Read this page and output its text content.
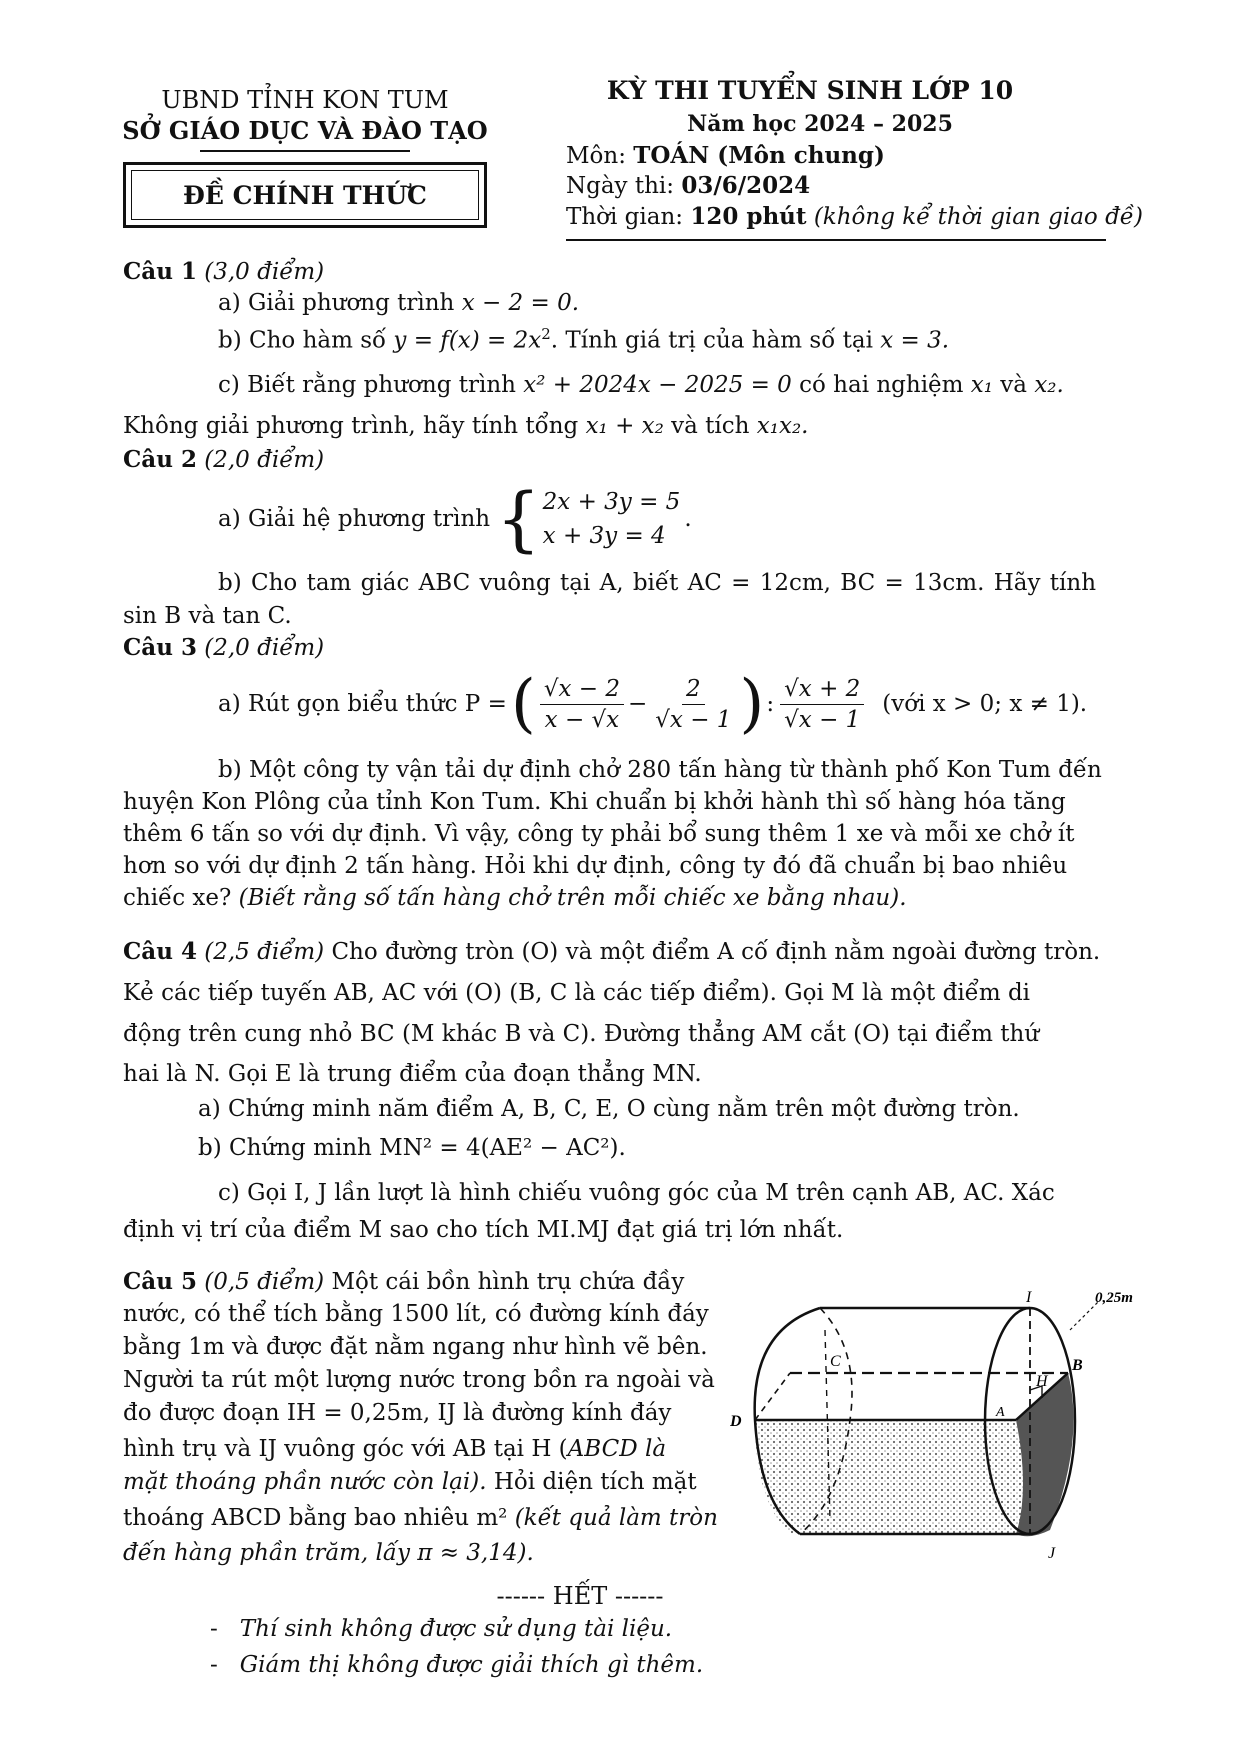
UBND TỈNH KON TUM
SỞ GIÁO DỤC VÀ ĐÀO TẠO
ĐỀ CHÍNH THỨC
KỲ THI TUYỂN SINH LỚP 10
Năm học 2024 – 2025
Môn: TOÁN (Môn chung)
Ngày thi: 03/6/2024
Thời gian: 120 phút (không kể thời gian giao đề)
Câu 1 (3,0 điểm)
a) Giải phương trình x − 2 = 0.
b) Cho hàm số $y = f(x) = 2x^2$. Tính giá trị của hàm số tại x = 3.
c) Biết rằng phương trình x² + 2024x − 2025 = 0 có hai nghiệm x₁ và x₂.
Không giải phương trình, hãy tính tổng x₁ + x₂ và tích x₁x₂.
Câu 2 (2,0 điểm)
a) Giải hệ phương trình { 2x + 3y = 5
x + 3y = 4
.
b) Cho tam giác ABC vuông tại A, biết AC = 12cm, BC = 13cm. Hãy tính
sin B và tan C.
Câu 3 (2,0 điểm)
a) Rút gọn biểu thức P = ( $\frac{√x - 2}{x - √x} - \frac{2}{√x - 1}$ ) : $\frac{√x + 2}{√x - 1}$ (với x > 0; x ≠ 1).
b) Một công ty vận tải dự định chở 280 tấn hàng từ thành phố Kon Tum đến
huyện Kon Plông của tỉnh Kon Tum. Khi chuẩn bị khởi hành thì số hàng hóa tăng
thêm 6 tấn so với dự định. Vì vậy, công ty phải bổ sung thêm 1 xe và mỗi xe chở ít
hơn so với dự định 2 tấn hàng. Hỏi khi dự định, công ty đó đã chuẩn bị bao nhiêu
chiếc xe? (Biết rằng số tấn hàng chở trên mỗi chiếc xe bằng nhau).
Câu 4 (2,5 điểm) Cho đường tròn (O) và một điểm A cố định nằm ngoài đường tròn.
Kẻ các tiếp tuyến AB, AC với (O) (B, C là các tiếp điểm). Gọi M là một điểm di
động trên cung nhỏ BC (M khác B và C). Đường thẳng AM cắt (O) tại điểm thứ
hai là N. Gọi E là trung điểm của đoạn thẳng MN.
a) Chứng minh năm điểm A, B, C, E, O cùng nằm trên một đường tròn.
b) Chứng minh MN² = 4(AE² − AC²).
c) Gọi I, J lần lượt là hình chiếu vuông góc của M trên cạnh AB, AC. Xác
định vị trí của điểm M sao cho tích MI.MJ đạt giá trị lớn nhất.
Câu 5 (0,5 điểm) Một cái bồn hình trụ chứa đầy
nước, có thể tích bằng 1500 lít, có đường kính đáy
bằng 1m và được đặt nằm ngang như hình vẽ bên.
Người ta rút một lượng nước trong bồn ra ngoài và
đo được đoạn IH = 0,25m, IJ là đường kính đáy
hình trụ và IJ vuông góc với AB tại H (ABCD là
mặt thoáng phần nước còn lại). Hỏi diện tích mặt
thoáng ABCD bằng bao nhiêu m² (kết quả làm tròn
đến hàng phần trăm, lấy π ≈ 3,14).
I	0,25m
B
C
H
A
D
J
------ HẾT ------
- Thí sinh không được sử dụng tài liệu.
- Giám thị không được giải thích gì thêm.
